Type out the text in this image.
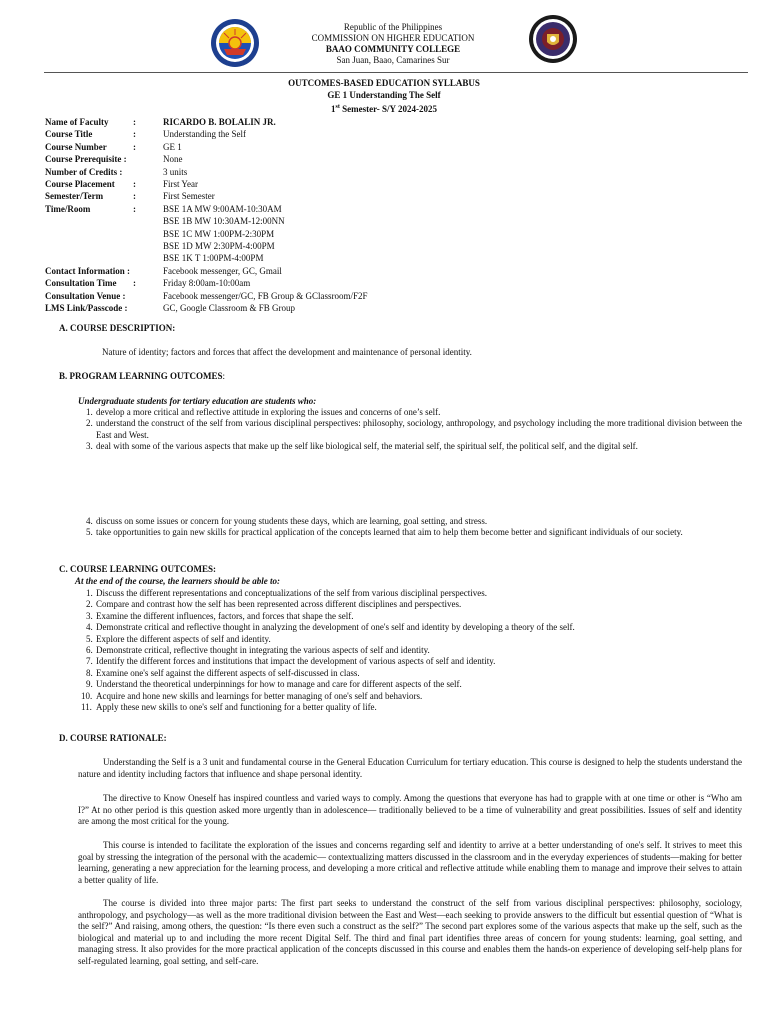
Republic of the Philippines
COMMISSION ON HIGHER EDUCATION
BAAO COMMUNITY COLLEGE
San Juan, Baao, Camarines Sur
OUTCOMES-BASED EDUCATION SYLLABUS
GE 1 Understanding The Self
1st Semester- S/Y 2024-2025
Name of Faculty	:	RICARDO B. BOLALIN JR.
Course Title	:	Understanding the Self
Course Number	:	GE 1
Course Prerequisite :		None
Number of Credits :		3 units
Course Placement	:	First Year
Semester/Term	:	First Semester
Time/Room	:	BSE 1A MW 9:00AM-10:30AM
		BSE 1B MW 10:30AM-12:00NN
		BSE 1C MW 1:00PM-2:30PM
		BSE 1D MW 2:30PM-4:00PM
		BSE 1K T 1:00PM-4:00PM
Contact Information :		Facebook messenger, GC, Gmail
Consultation Time	:	Friday 8:00am-10:00am
Consultation Venue :		Facebook messenger/GC, FB Group & GClassroom/F2F
LMS Link/Passcode :		GC, Google Classroom & FB Group
A. COURSE DESCRIPTION:
Nature of identity; factors and forces that affect the development and maintenance of personal identity.
B. PROGRAM LEARNING OUTCOMES:
Undergraduate students for tertiary education are students who:
1. develop a more critical and reflective attitude in exploring the issues and concerns of one’s self.
2. understand the construct of the self from various disciplinal perspectives: philosophy, sociology, anthropology, and psychology including the more traditional division between the East and West.
3. deal with some of the various aspects that make up the self like biological self, the material self, the spiritual self, the political self, and the digital self.
4. discuss on some issues or concern for young students these days, which are learning, goal setting, and stress.
5. take opportunities to gain new skills for practical application of the concepts learned that aim to help them become better and significant individuals of our society.
C. COURSE LEARNING OUTCOMES:
At the end of the course, the learners should be able to:
1. Discuss the different representations and conceptualizations of the self from various disciplinal perspectives.
2. Compare and contrast how the self has been represented across different disciplines and perspectives.
3. Examine the different influences, factors, and forces that shape the self.
4. Demonstrate critical and reflective thought in analyzing the development of one's self and identity by developing a theory of the self.
5. Explore the different aspects of self and identity.
6. Demonstrate critical, reflective thought in integrating the various aspects of self and identity.
7. Identify the different forces and institutions that impact the development of various aspects of self and identity.
8. Examine one's self against the different aspects of self-discussed in class.
9. Understand the theoretical underpinnings for how to manage and care for different aspects of the self.
10. Acquire and hone new skills and learnings for better managing of one's self and behaviors.
11. Apply these new skills to one's self and functioning for a better quality of life.
D. COURSE RATIONALE:
Understanding the Self is a 3 unit and fundamental course in the General Education Curriculum for tertiary education. This course is designed to help the students understand the nature and identity including factors that influence and shape personal identity.
The directive to Know Oneself has inspired countless and varied ways to comply. Among the questions that everyone has had to grapple with at one time or other is “Who am I?” At no other period is this question asked more urgently than in adolescence— traditionally believed to be a time of vulnerability and great possibilities. Issues of self and identity are among the most critical for the young.
This course is intended to facilitate the exploration of the issues and concerns regarding self and identity to arrive at a better understanding of one's self. It strives to meet this goal by stressing the integration of the personal with the academic— contextualizing matters discussed in the classroom and in the everyday experiences of students—making for better learning, generating a new appreciation for the learning process, and developing a more critical and reflective attitude while enabling them to manage and improve their selves to attain a better quality of life.
The course is divided into three major parts: The first part seeks to understand the construct of the self from various disciplinal perspectives: philosophy, sociology, anthropology, and psychology—as well as the more traditional division between the East and West—each seeking to provide answers to the difficult but essential question of “What is the self?” And raising, among others, the question: “Is there even such a construct as the self?” The second part explores some of the various aspects that make up the self, such as the biological and material up to and including the more recent Digital Self. The third and final part identifies three areas of concern for young students: learning, goal setting, and managing stress. It also provides for the more practical application of the concepts discussed in this course and enables them the hands-on experience of developing self-help plans for self-regulated learning, goal setting, and self-care.
